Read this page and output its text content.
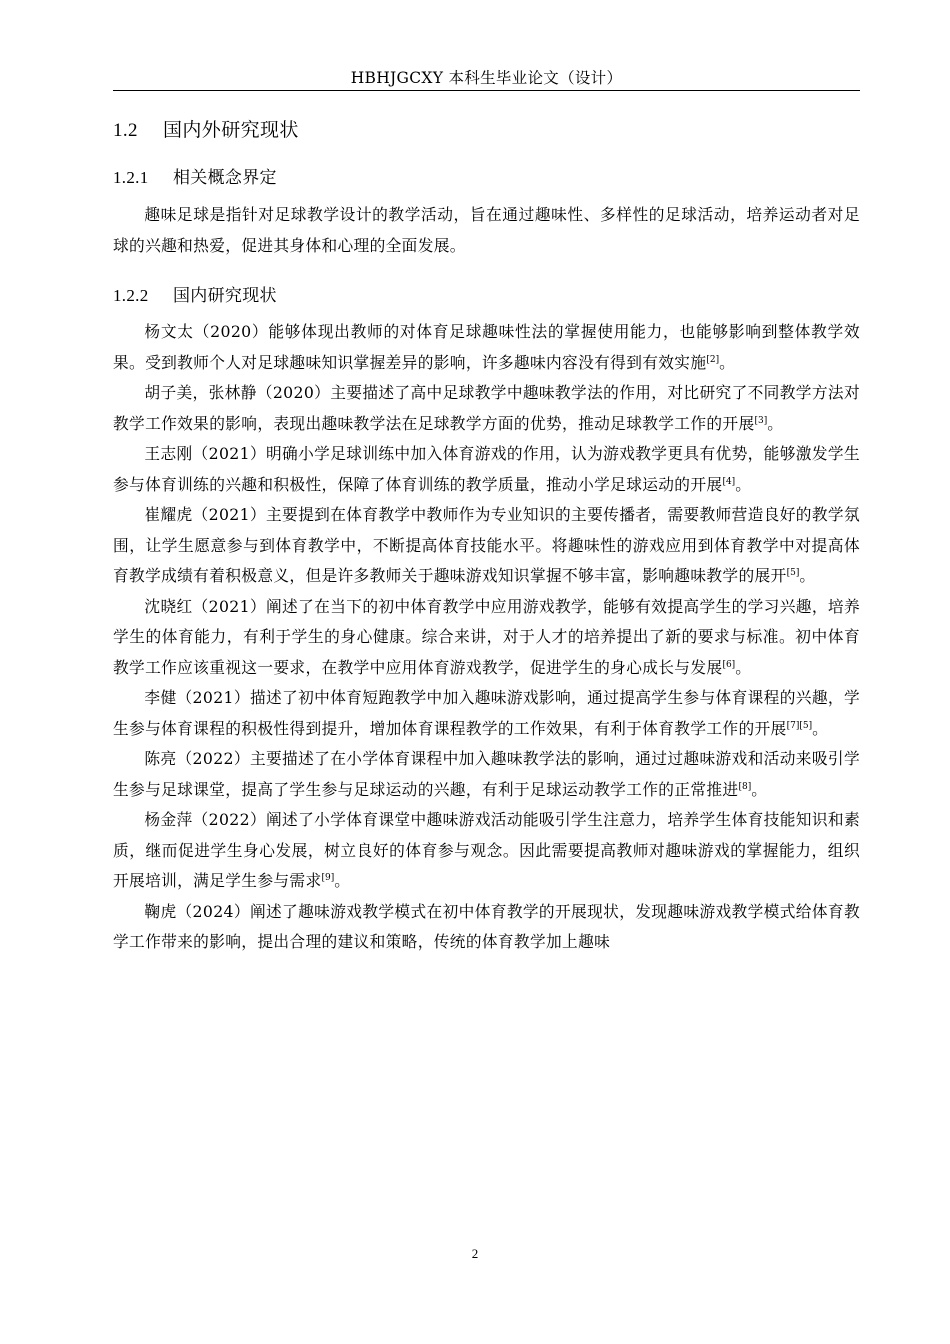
HBHJGCXY 本科生毕业论文（设计）
1.2 国内外研究现状
1.2.1 相关概念界定

趣味足球是指针对足球教学设计的教学活动，旨在通过趣味性、多样性的足球活动，培养运动者对足球的兴趣和热爱，促进其身体和心理的全面发展。

1.2.2 国内研究现状

杨文太（2020）能够体现出教师的对体育足球趣味性法的掌握使用能力，也能够影响到整体教学效果。受到教师个人对足球趣味知识掌握差异的影响，许多趣味内容没有得到有效实施[2]。

胡子美，张林静（2020）主要描述了高中足球教学中趣味教学法的作用，对比研究了不同教学方法对教学工作效果的影响，表现出趣味教学法在足球教学方面的优势，推动足球教学工作的开展[3]。

王志刚（2021）明确小学足球训练中加入体育游戏的作用，认为游戏教学更具有优势，能够激发学生参与体育训练的兴趣和积极性，保障了体育训练的教学质量，推动小学足球运动的开展[4]。

崔耀虎（2021）主要提到在体育教学中教师作为专业知识的主要传播者，需要教师营造良好的教学氛围，让学生愿意参与到体育教学中，不断提高体育技能水平。将趣味性的游戏应用到体育教学中对提高体育教学成绩有着积极意义，但是许多教师关于趣味游戏知识掌握不够丰富，影响趣味教学的展开[5]。

沈晓红（2021）阐述了在当下的初中体育教学中应用游戏教学，能够有效提高学生的学习兴趣，培养学生的体育能力，有利于学生的身心健康。综合来讲，对于人才的培养提出了新的要求与标准。初中体育教学工作应该重视这一要求，在教学中应用体育游戏教学，促进学生的身心成长与发展[6]。

李健（2021）描述了初中体育短跑教学中加入趣味游戏影响，通过提高学生参与体育课程的兴趣，学生参与体育课程的积极性得到提升，增加体育课程教学的工作效果，有利于体育教学工作的开展[7][5]。

陈亮（2022）主要描述了在小学体育课程中加入趣味教学法的影响，通过过趣味游戏和活动来吸引学生参与足球课堂，提高了学生参与足球运动的兴趣，有利于足球运动教学工作的正常推进[8]。

杨金萍（2022）阐述了小学体育课堂中趣味游戏活动能吸引学生注意力，培养学生体育技能知识和素质，继而促进学生身心发展，树立良好的体育参与观念。因此需要提高教师对趣味游戏的掌握能力，组织开展培训，满足学生参与需求[9]。

鞠虎（2024）阐述了趣味游戏教学模式在初中体育教学的开展现状，发现趣味游戏教学模式给体育教学工作带来的影响，提出合理的建议和策略，传统的体育教学加上趣味

2
